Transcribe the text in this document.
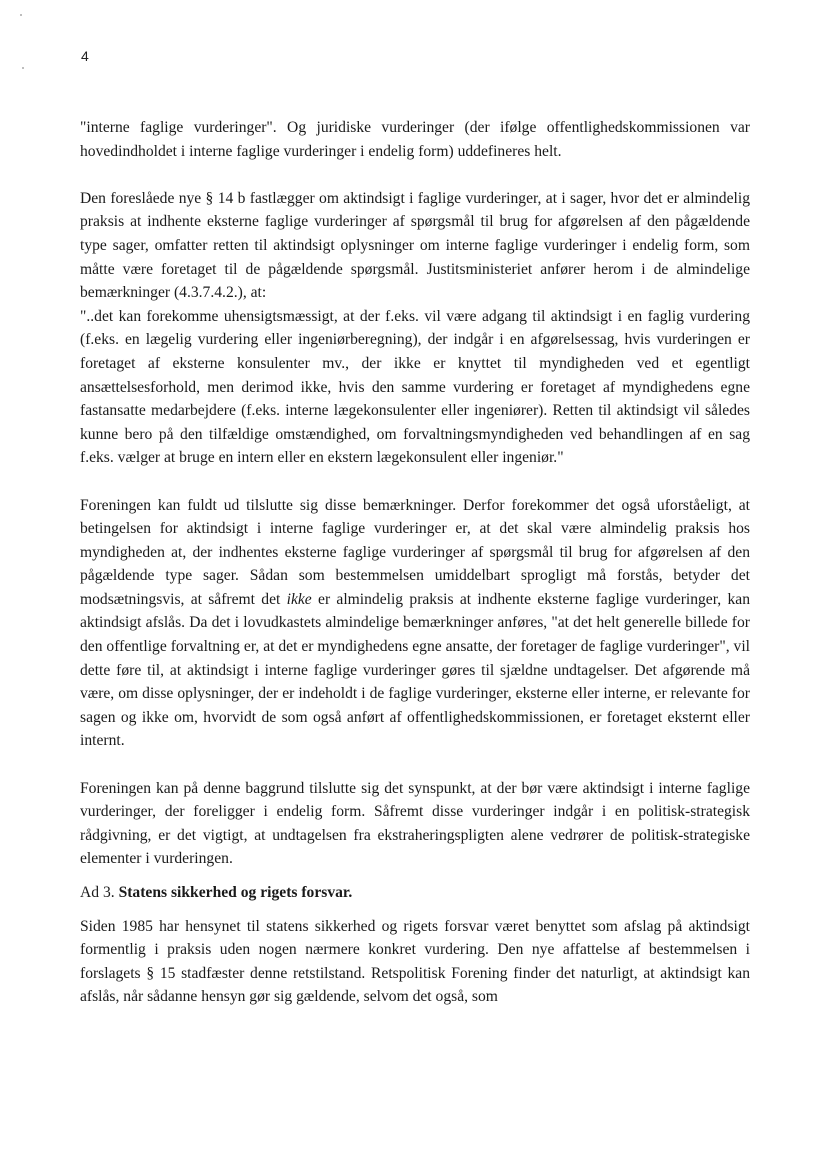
4

"interne faglige vurderinger". Og juridiske vurderinger (der ifølge offentlighedskommissionen var hovedindholdet i interne faglige vurderinger i endelig form) uddefineres helt.

Den foreslåede nye § 14 b fastlægger om aktindsigt i faglige vurderinger, at i sager, hvor det er almindelig praksis at indhente eksterne faglige vurderinger af spørgsmål til brug for afgørelsen af den pågældende type sager, omfatter retten til aktindsigt oplysninger om interne faglige vurderinger i endelig form, som måtte være foretaget til de pågældende spørgsmål. Justitsministeriet anfører herom i de almindelige bemærkninger (4.3.7.4.2.), at:

"..det kan forekomme uhensigtsmæssigt, at der f.eks. vil være adgang til aktindsigt i en faglig vurdering (f.eks. en lægelig vurdering eller ingeniørberegning), der indgår i en afgørelsessag, hvis vurderingen er foretaget af eksterne konsulenter mv., der ikke er knyttet til myndigheden ved et egentligt ansættelsesforhold, men derimod ikke, hvis den samme vurdering er foretaget af myndighedens egne fastansatte medarbejdere (f.eks. interne lægekonsulenter eller ingeniører). Retten til aktindsigt vil således kunne bero på den tilfældige omstændighed, om forvaltningsmyndigheden ved behandlingen af en sag f.eks. vælger at bruge en intern eller en ekstern lægekonsulent eller ingeniør."

Foreningen kan fuldt ud tilslutte sig disse bemærkninger. Derfor forekommer det også uforståeligt, at betingelsen for aktindsigt i interne faglige vurderinger er, at det skal være almindelig praksis hos myndigheden at, der indhentes eksterne faglige vurderinger af spørgsmål til brug for afgørelsen af den pågældende type sager. Sådan som bestemmelsen umiddelbart sprogligt må forstås, betyder det modsætningsvis, at såfremt det ikke er almindelig praksis at indhente eksterne faglige vurderinger, kan aktindsigt afslås. Da det i lovudkastets almindelige bemærkninger anføres, "at det helt generelle billede for den offentlige forvaltning er, at det er myndighedens egne ansatte, der foretager de faglige vurderinger", vil dette føre til, at aktindsigt i interne faglige vurderinger gøres til sjældne undtagelser. Det afgørende må være, om disse oplysninger, der er indeholdt i de faglige vurderinger, eksterne eller interne, er relevante for sagen og ikke om, hvorvidt de som også anført af offentlighedskommissionen, er foretaget eksternt eller internt.

Foreningen kan på denne baggrund tilslutte sig det synspunkt, at der bør være aktindsigt i interne faglige vurderinger, der foreligger i endelig form. Såfremt disse vurderinger indgår i en politisk-strategisk rådgivning, er det vigtigt, at undtagelsen fra ekstraheringspligten alene vedrører de politisk-strategiske elementer i vurderingen.

Ad 3. Statens sikkerhed og rigets forsvar.

Siden 1985 har hensynet til statens sikkerhed og rigets forsvar været benyttet som afslag på aktindsigt formentlig i praksis uden nogen nærmere konkret vurdering. Den nye affattelse af bestemmelsen i forslagets § 15 stadfæster denne retstilstand. Retspolitisk Forening finder det naturligt, at aktindsigt kan afslås, når sådanne hensyn gør sig gældende, selvom det også, som
